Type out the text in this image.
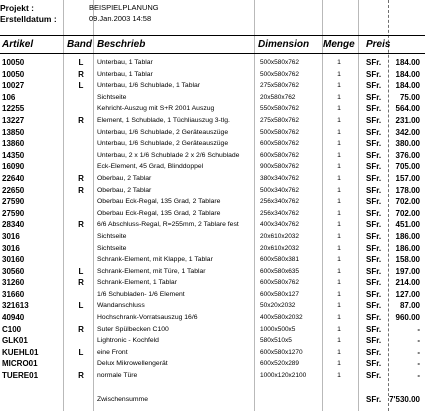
Projekt :	BEISPIELPLANUNG
Erstelldatum :	09.Jan.2003 14:58
Artikel	Band Beschrieb	Dimension Menge Preis
10050	L	Unterbau, 1 Tablar	500x580x762	1	SFr.	184.00
10050	R	Unterbau, 1 Tablar	500x580x762	1	SFr.	184.00
10027	L	Unterbau, 1/6 Schublade, 1 Tablar	275x580x762	1	SFr.	184.00
106	Sichtseite	20x580x762	1	SFr.	75.00
12255	Kehricht-Auszug mit S+R 2001 Auszug	550x580x762	1	SFr.	564.00
13227	R	Element, 1 Schublade, 1 Tüchliauszug 3-tlg.	275x580x762	1	SFr.	231.00
13850	Unterbau, 1/6 Schublade, 2 Geräteauszüge	500x580x762	1	SFr.	342.00
13860	Unterbau, 1/6 Schublade, 2 Geräteauszüge	600x580x762	1	SFr.	380.00
14350	Unterbau, 2 x 1/6 Schublade 2 x 2/6 Schublade	600x580x762	1	SFr.	376.00
16090	Eck-Element, 45 Grad, Blinddoppel	900x580x762	1	SFr.	705.00
22640	R	Oberbau, 2 Tablar	380x340x762	1	SFr.	157.00
22650	R	Oberbau, 2 Tablar	500x340x762	1	SFr.	178.00
27590	Oberbau Eck-Regal, 135 Grad, 2 Tablare	256x340x762	1	SFr.	702.00
27590	Oberbau Eck-Regal, 135 Grad, 2 Tablare	256x340x762	1	SFr.	702.00
28340	R	6/6 Abschluss-Regal, R=255mm, 2 Tablare fest	400x340x762	1	SFr.	451.00
3016	Sichtseite	20x610x2032	1	SFr.	186.00
3016	Sichtseite	20x610x2032	1	SFr.	186.00
30160	Schrank-Element, mit Klappe, 1 Tablar	600x580x381	1	SFr.	158.00
30560	L	Schrank-Element, mit Türe, 1 Tablar	600x580x635	1	SFr.	197.00
31260	R	Schrank-Element, 1 Tablar	600x580x762	1	SFr.	214.00
31660	1/6 Schubladen- 1/6 Element	600x580x127	1	SFr.	127.00
321613	L	Wandanschluss	50x20x2032	1	SFr.	87.00
40940	Hochschrank-Vorratsauszug 16/6	400x580x2032	1	SFr.	960.00
C100	R	Suter Spülbecken C100	1000x500x5	1	SFr.	-
GLK01	Lightronic - Kochfeld	580x510x5	1	SFr.	-
KUEHL01	L	eine Front	600x580x1270	1	SFr.	-
MICRO01	Delux Mikrowellengerät	600x520x289	1	SFr.	-
TUERE01	R	normale Türe	1000x120x2100	1	SFr.	-
Zwischensumme	SFr.	7'530.00
